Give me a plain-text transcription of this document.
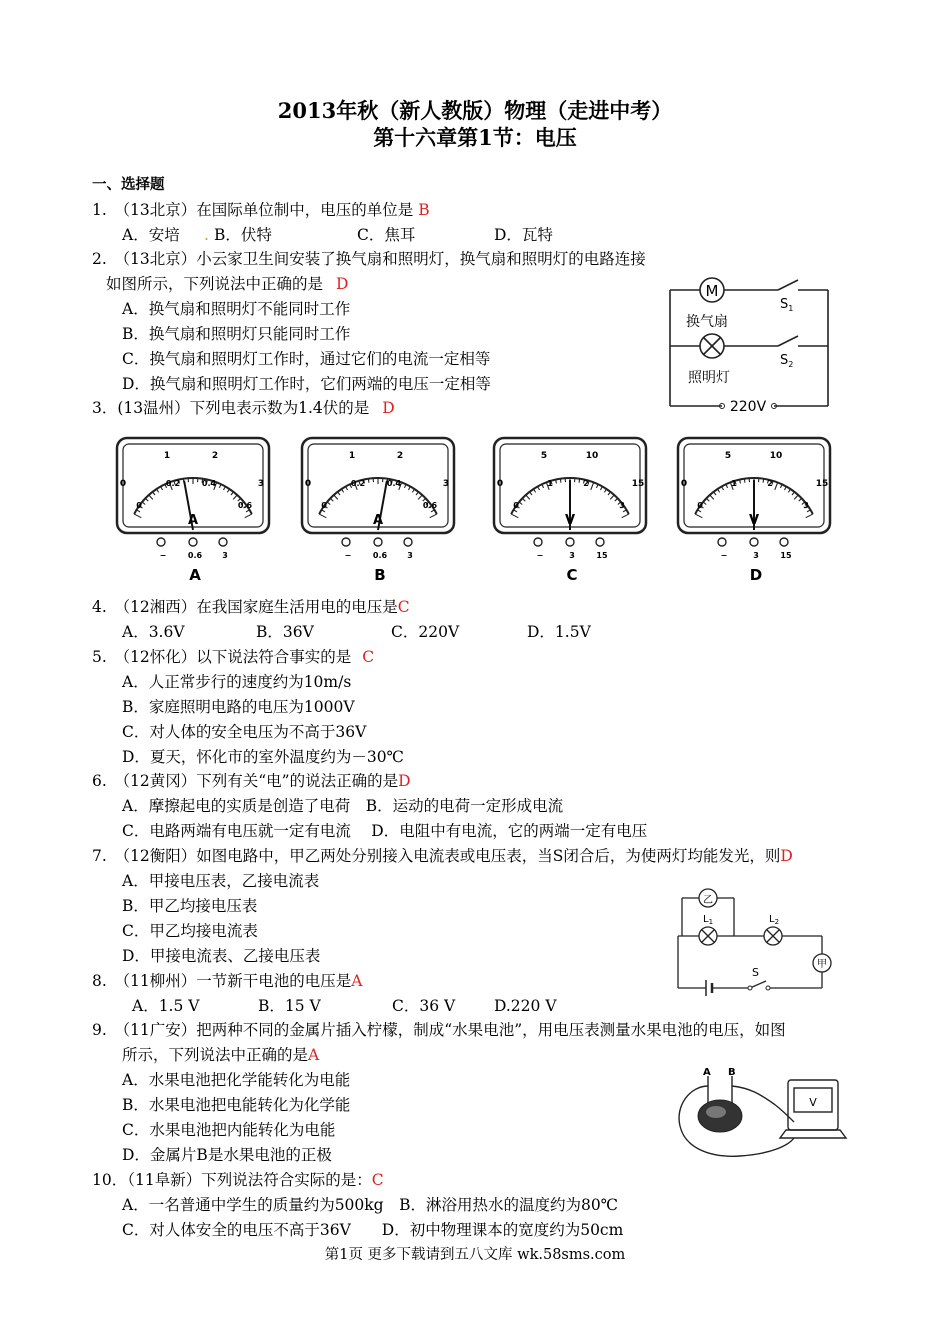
2013年秋（新人教版）物理（走进中考）
第十六章第1节：电压
一、选择题
1.　（13北京）在国际单位制中，电压的单位是 B
A．安培 . B．伏特	C．焦耳	D．瓦特
2.　（13北京）小云家卫生间安装了换气扇和照明灯，换气扇和照明灯的电路连接
如图所示，下列说法中正确的是 D
A．换气扇和照明灯不能同时工作
B．换气扇和照明灯只能同时工作
C．换气扇和照明灯工作时，通过它们的电流一定相等
D．换气扇和照明灯工作时，它们两端的电压一定相等
M
换气扇
照明灯
$S_1$
$S_2$
220V
3．(13温州）下列电表示数为1.4伏的是 D
0
1	2
3
0
0.2	0.4
0.6
A
−	0.6	3
A
0
1	2
3
0
0.2	0.4
0.6
A
−	0.6	3
B
0
5	10
15
0
1	2
3
V
−	3	15
C
0
5	10
15
0
1	2
3
V
−	3	15
D
4.　（12湘西）在我国家庭生活用电的电压是C
A．3.6V	B．36V	C．220V	D．1.5V
5.　（12怀化）以下说法符合事实的是 C
A．人正常步行的速度约为10m/s
B．家庭照明电路的电压为1000V
C．对人体的安全电压为不高于36V
D．夏天，怀化市的室外温度约为－30℃
6.　（12黄冈）下列有关“电”的说法正确的是D
A．摩擦起电的实质是创造了电荷　B．运动的电荷一定形成电流
C．电路两端有电压就一定有电流　 D．电阻中有电流，它的两端一定有电压
7.　（12衡阳）如图电路中，甲乙两处分别接入电流表或电压表，当S闭合后，为使两灯均能发光，则D
A．甲接电压表，乙接电流表
B．甲乙均接电压表
C．甲乙均接电流表
D．甲接电流表、乙接电压表
乙
甲
$L_1$	$L_2$
S
8.　（11柳州）一节新干电池的电压是A
A．1.5 V	B．15 V	C．36 V	D.220 V
9.　（11广安）把两种不同的金属片插入柠檬，制成“水果电池”，用电压表测量水果电池的电压，如图
所示，下列说法中正确的是A
A．水果电池把化学能转化为电能
B．水果电池把电能转化为化学能
C．水果电池把内能转化为电能
D．金属片B是水果电池的正极
A B
V
10．（11阜新）下列说法符合实际的是：C
A．一名普通中学生的质量约为500kg　B．淋浴用热水的温度约为80℃
C．对人体安全的电压不高于36V　　D．初中物理课本的宽度约为50cm
第1页 更多下载请到五八文库 wk.58sms.com
